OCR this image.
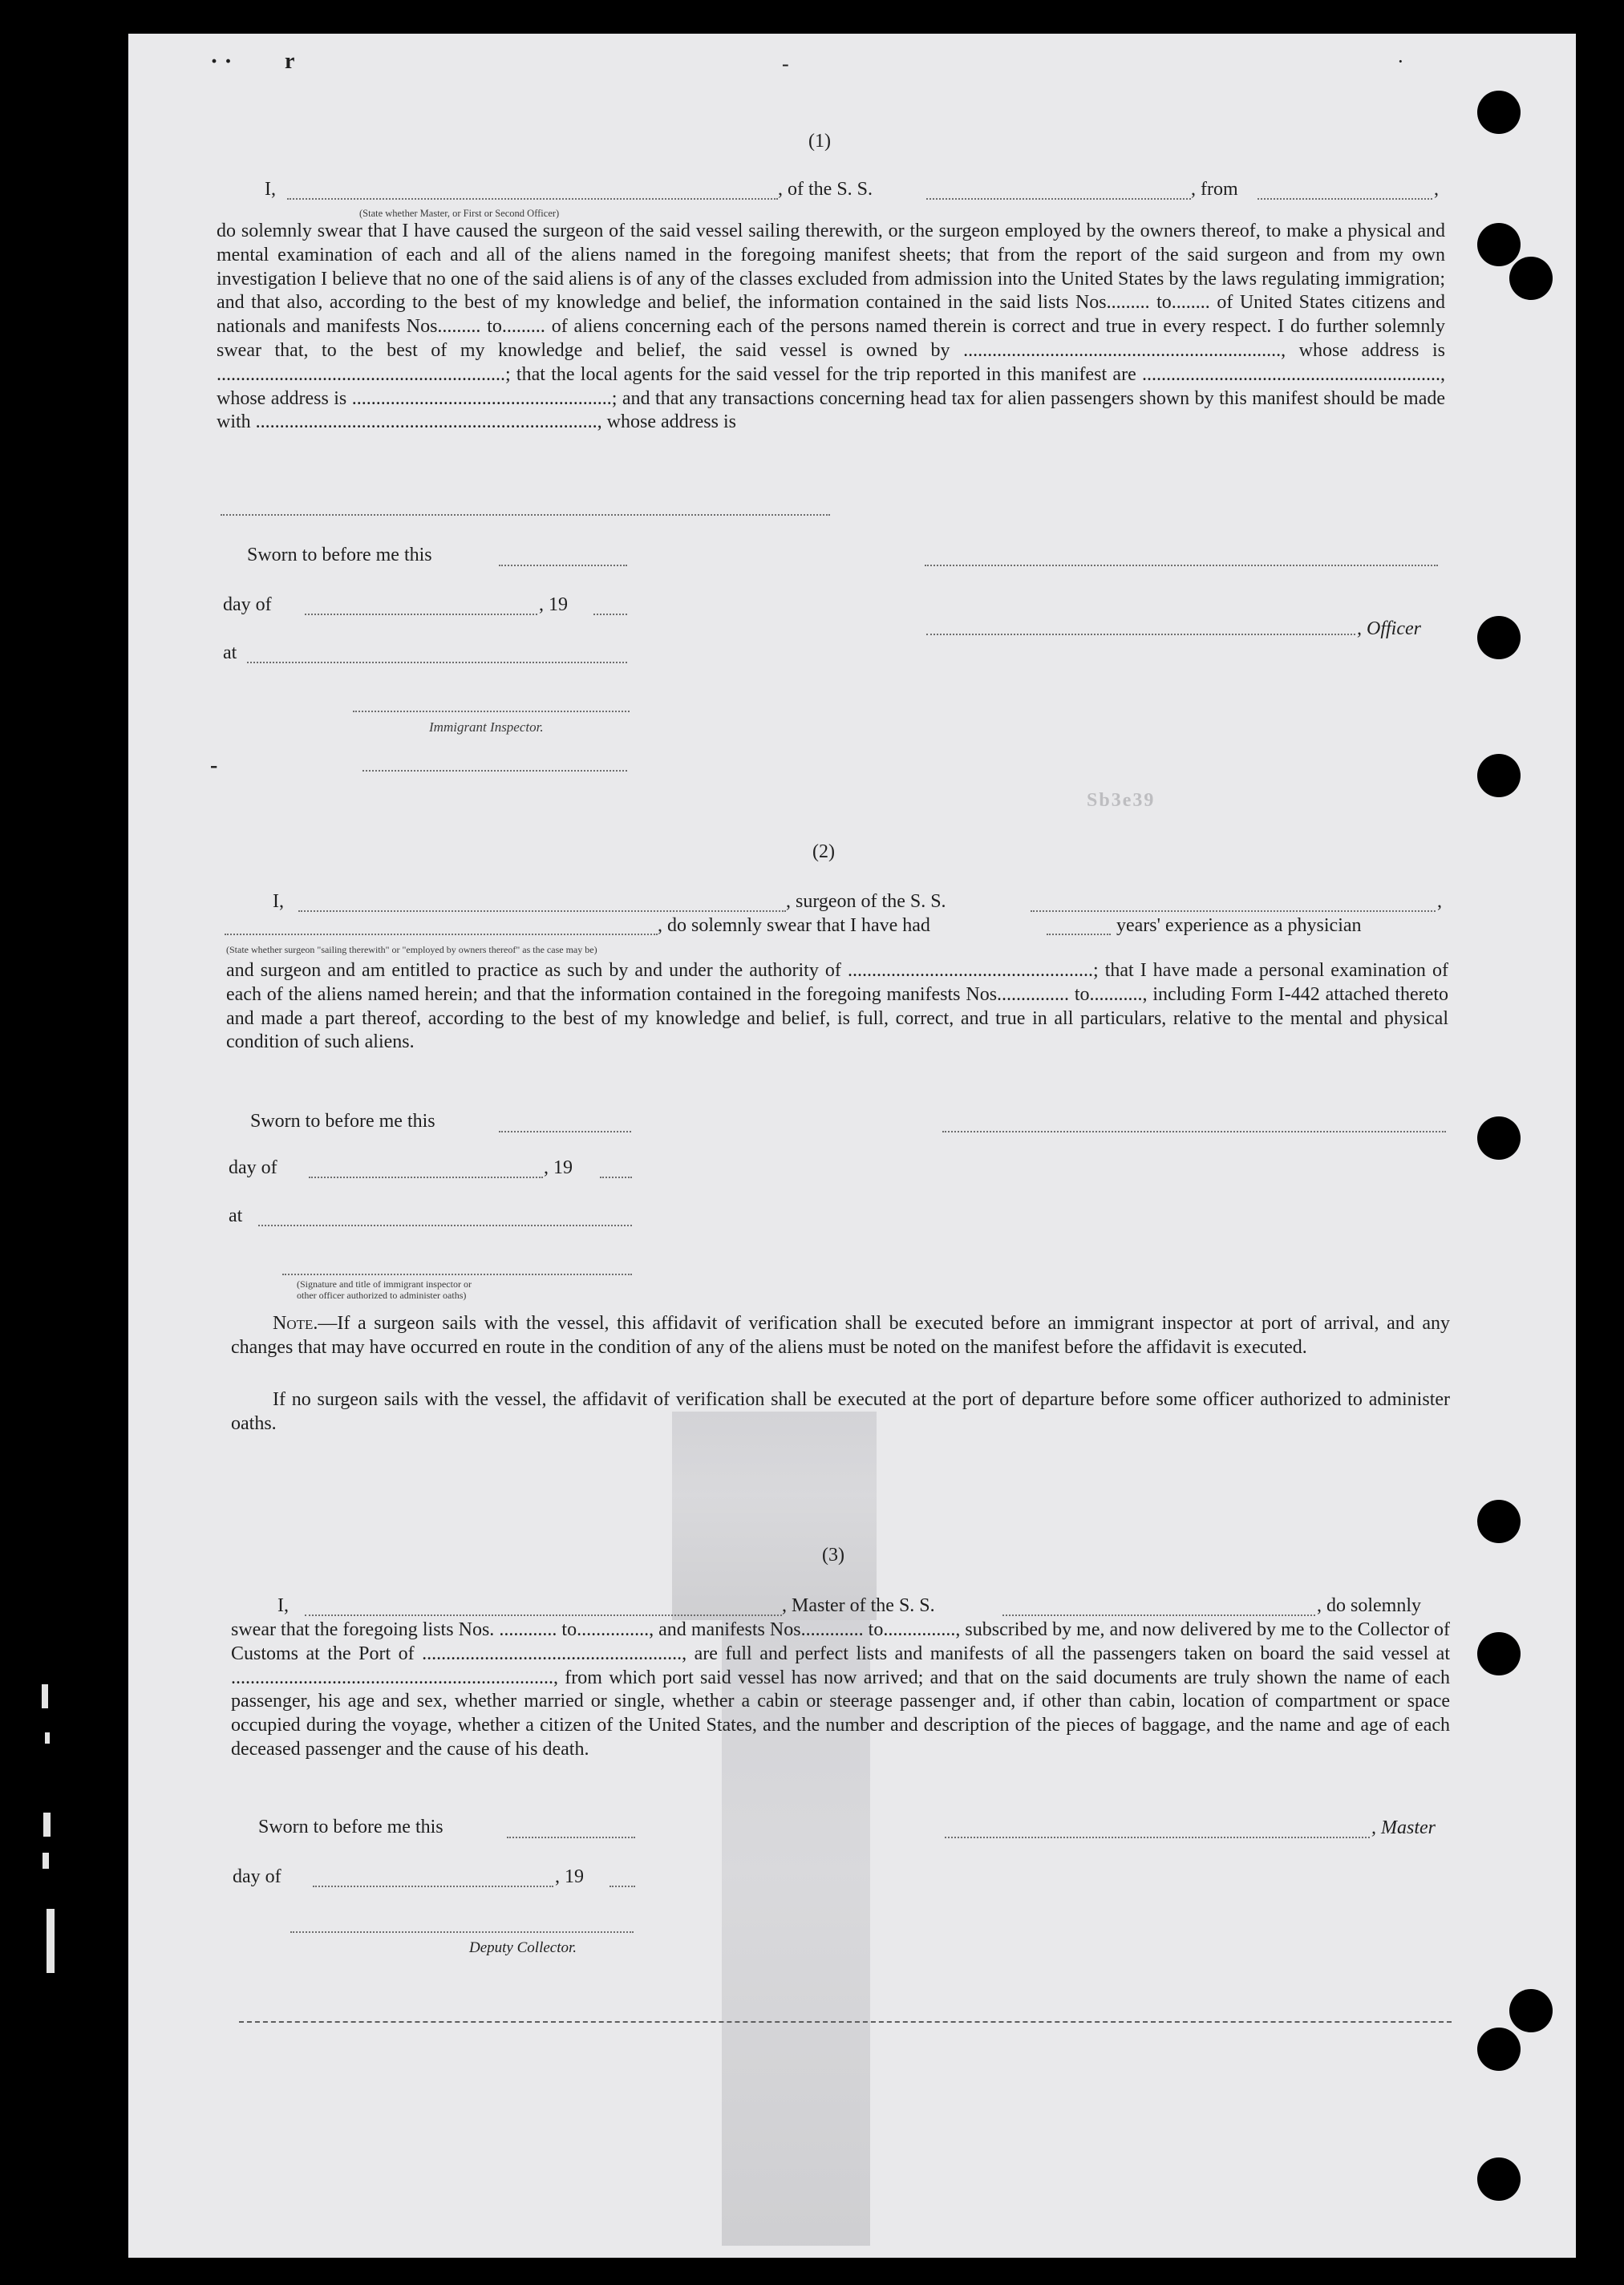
· · r	-	·
(1)
I,	, of the S. S.	, from	,
(State whether Master, or First or Second Officer)
do solemnly swear that I have caused the surgeon of the said vessel sailing therewith, or the surgeon employed by the owners thereof, to make a physical and mental examination of each and all of the aliens named in the foregoing manifest sheets; that from the report of the said surgeon and from my own investigation I believe that no one of the said aliens is of any of the classes excluded from admission into the United States by the laws regulating immigration; and that also, according to the best of my knowledge and belief, the information contained in the said lists Nos......... to........ of United States citizens and nationals and manifests Nos......... to......... of aliens concerning each of the persons named therein is correct and true in every respect. I do further solemnly swear that, to the best of my knowledge and belief, the said vessel is owned by .................................................................., whose address is ............................................................; that the local agents for the said vessel for the trip reported in this manifest are .............................................................., whose address is ......................................................; and that any transactions concerning head tax for alien passengers shown by this manifest should be made with ......................................................................., whose address is
Sworn to before me this
day of	, 19
, Officer
at
Immigrant Inspector.
-
Sb3e39
(2)
I,	, surgeon of the S. S.	,
, do solemnly swear that I have had	years' experience as a physician
(State whether surgeon "sailing therewith" or "employed by owners thereof" as the case may be)
and surgeon and am entitled to practice as such by and under the authority of ...................................................; that I have made a personal examination of each of the aliens named herein; and that the information contained in the foregoing manifests Nos............... to..........., including Form I-442 attached thereto and made a part thereof, according to the best of my knowledge and belief, is full, correct, and true in all particulars, relative to the mental and physical condition of such aliens.
Sworn to before me this
day of	, 19
at
(Signature and title of immigrant inspector or
other officer authorized to administer oaths)
Note.—If a surgeon sails with the vessel, this affidavit of verification shall be executed before an immigrant inspector at port of arrival, and any changes that may have occurred en route in the condition of any of the aliens must be noted on the manifest before the affidavit is executed.
If no surgeon sails with the vessel, the affidavit of verification shall be executed at the port of departure before some officer authorized to administer oaths.
(3)
I,	, Master of the S. S.	, do solemnly
swear that the foregoing lists Nos. ............ to..............., and manifests Nos............. to..............., subscribed by me, and now delivered by me to the Collector of Customs at the Port of ......................................................, are full and perfect lists and manifests of all the passengers taken on board the said vessel at ..................................................................., from which port said vessel has now arrived; and that on the said documents are truly shown the name of each passenger, his age and sex, whether married or single, whether a cabin or steerage passenger and, if other than cabin, location of compartment or space occupied during the voyage, whether a citizen of the United States, and the number and description of the pieces of baggage, and the name and age of each deceased passenger and the cause of his death.
Sworn to before me this	, Master
day of	, 19
Deputy Collector.
